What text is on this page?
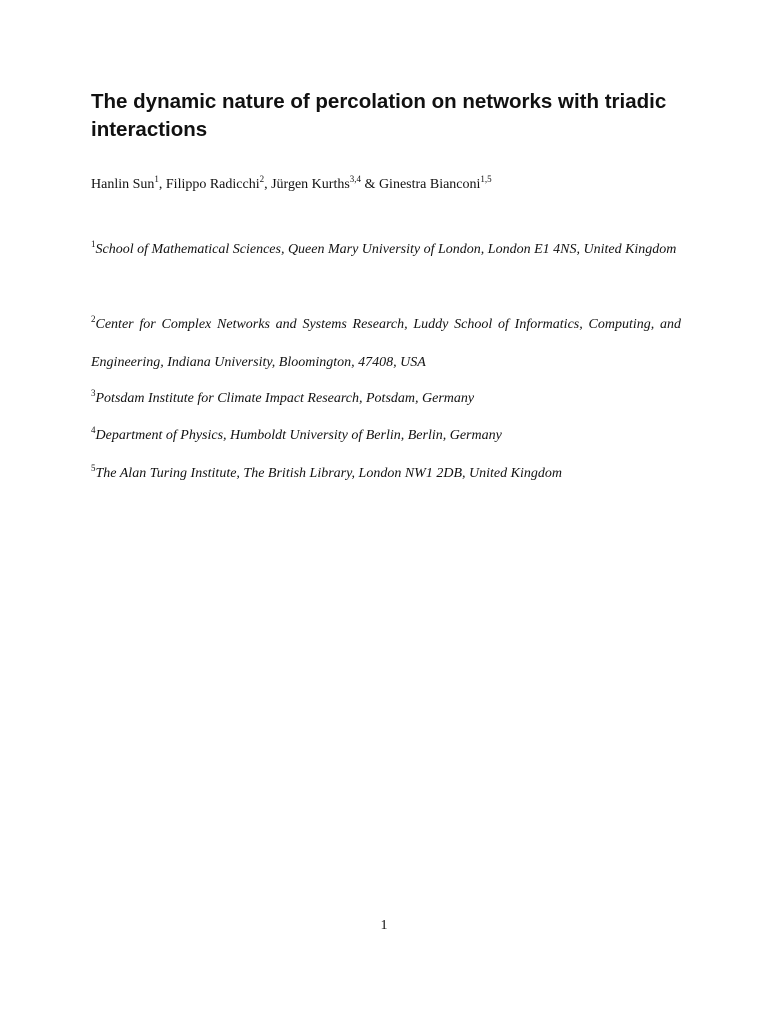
The dynamic nature of percolation on networks with triadic interactions
Hanlin Sun$^1$, Filippo Radicchi$^2$, Jürgen Kurths$^{3,4}$ & Ginestra Bianconi$^{1,5}$

$^1$School of Mathematical Sciences, Queen Mary University of London, London E1 4NS, United Kingdom

$^2$Center for Complex Networks and Systems Research, Luddy School of Informatics, Computing, and Engineering, Indiana University, Bloomington, 47408, USA

$^3$Potsdam Institute for Climate Impact Research, Potsdam, Germany

$^4$Department of Physics, Humboldt University of Berlin, Berlin, Germany

$^5$The Alan Turing Institute, The British Library, London NW1 2DB, United Kingdom

1
